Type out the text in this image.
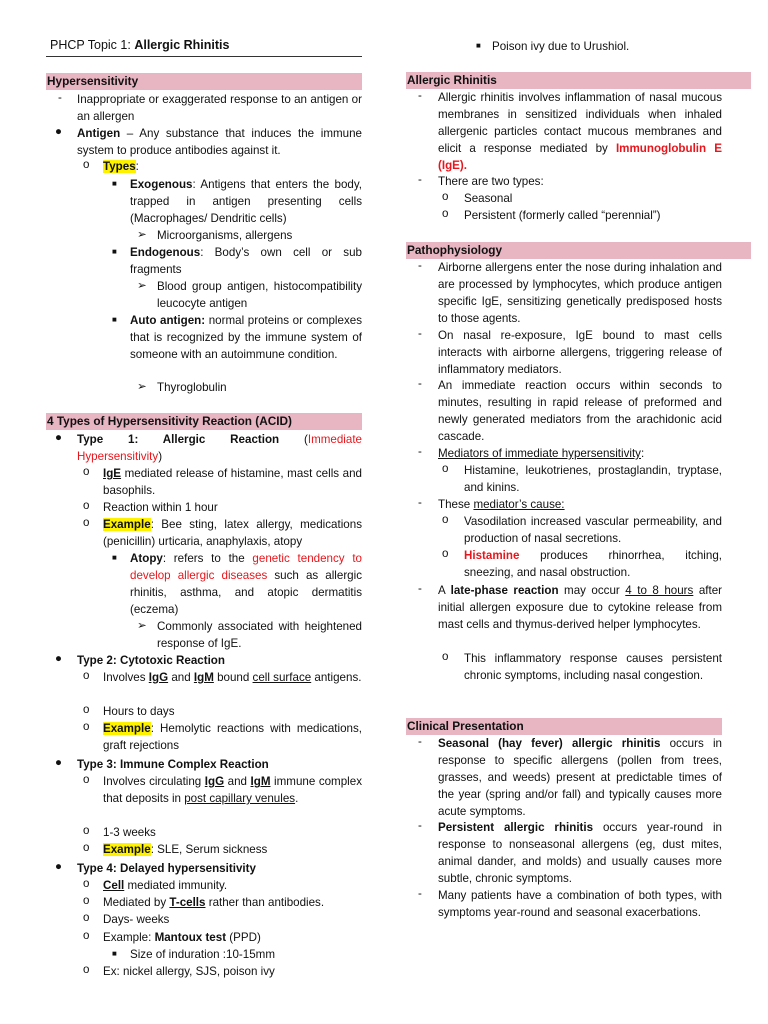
PHCP Topic 1: Allergic Rhinitis
Hypersensitivity
- Inappropriate or exaggerated response to an antigen or an allergen
● Antigen – Any substance that induces the immune system to produce antibodies against it.
o Types:
■ Exogenous: Antigens that enters the body, trapped in antigen presenting cells (Macrophages/ Dendritic cells)
➢ Microorganisms, allergens
■ Endogenous: Body’s own cell or sub fragments
➢ Blood group antigen, histocompatibility leucocyte antigen
■ Auto antigen: normal proteins or complexes that is recognized by the immune system of someone with an autoimmune condition.
➢ Thyroglobulin
4 Types of Hypersensitivity Reaction (ACID)
● Type 1: Allergic Reaction (Immediate Hypersensitivity)
o IgE mediated release of histamine, mast cells and basophils.
o Reaction within 1 hour
o Example: Bee sting, latex allergy, medications (penicillin) urticaria, anaphylaxis, atopy
■ Atopy: refers to the genetic tendency to develop allergic diseases such as allergic rhinitis, asthma, and atopic dermatitis (eczema)
➢ Commonly associated with heightened response of IgE.
● Type 2: Cytotoxic Reaction
o Involves IgG and IgM bound cell surface antigens.
o Hours to days
o Example: Hemolytic reactions with medications, graft rejections
● Type 3: Immune Complex Reaction
o Involves circulating IgG and IgM immune complex that deposits in post capillary venules.
o 1-3 weeks
o Example: SLE, Serum sickness
● Type 4: Delayed hypersensitivity
o Cell mediated immunity.
o Mediated by T-cells rather than antibodies.
o Days- weeks
o Example: Mantoux test (PPD)
■ Size of induration :10-15mm
o Ex: nickel allergy, SJS, poison ivy
■ Poison ivy due to Urushiol.
Allergic Rhinitis
- Allergic rhinitis involves inflammation of nasal mucous membranes in sensitized individuals when inhaled allergenic particles contact mucous membranes and elicit a response mediated by Immunoglobulin E (IgE).
- There are two types:
o Seasonal
o Persistent (formerly called “perennial”)
Pathophysiology
- Airborne allergens enter the nose during inhalation and are processed by lymphocytes, which produce antigen specific IgE, sensitizing genetically predisposed hosts to those agents.
- On nasal re-exposure, IgE bound to mast cells interacts with airborne allergens, triggering release of inflammatory mediators.
- An immediate reaction occurs within seconds to minutes, resulting in rapid release of preformed and newly generated mediators from the arachidonic acid cascade.
- Mediators of immediate hypersensitivity:
o Histamine, leukotrienes, prostaglandin, tryptase, and kinins.
- These mediator’s cause:
o Vasodilation increased vascular permeability, and production of nasal secretions.
o Histamine produces rhinorrhea, itching, sneezing, and nasal obstruction.
- A late-phase reaction may occur 4 to 8 hours after initial allergen exposure due to cytokine release from mast cells and thymus-derived helper lymphocytes.
o This inflammatory response causes persistent chronic symptoms, including nasal congestion.
Clinical Presentation
- Seasonal (hay fever) allergic rhinitis occurs in response to specific allergens (pollen from trees, grasses, and weeds) present at predictable times of the year (spring and/or fall) and typically causes more acute symptoms.
- Persistent allergic rhinitis occurs year-round in response to nonseasonal allergens (eg, dust mites, animal dander, and molds) and usually causes more subtle, chronic symptoms.
- Many patients have a combination of both types, with symptoms year-round and seasonal exacerbations.
